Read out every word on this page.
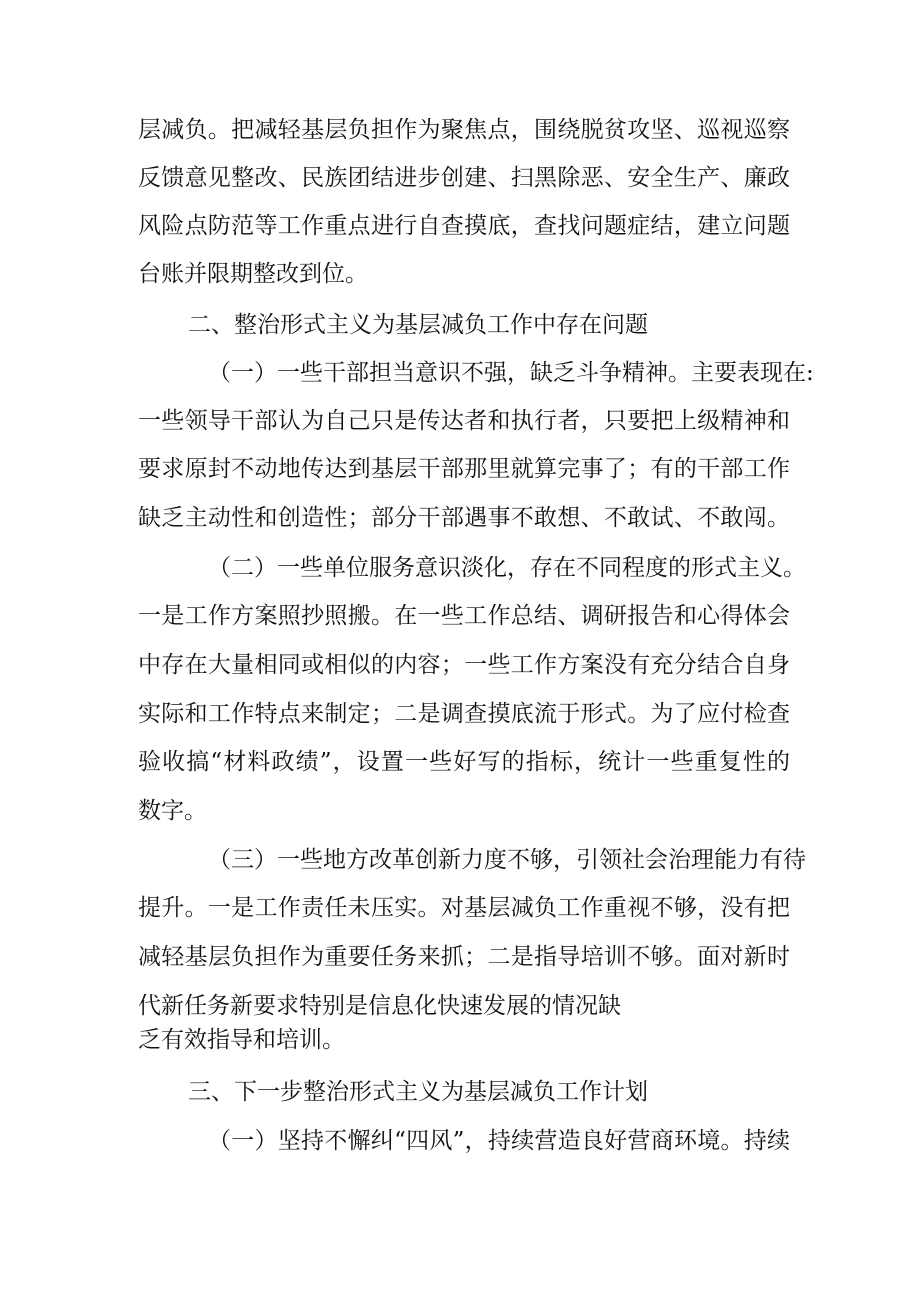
层减负。把减轻基层负担作为聚焦点，围绕脱贫攻坚、巡视巡察
反馈意见整改、民族团结进步创建、扫黑除恶、安全生产、廉政
风险点防范等工作重点进行自查摸底，查找问题症结，建立问题
台账并限期整改到位。
二、整治形式主义为基层减负工作中存在问题
（一）一些干部担当意识不强，缺乏斗争精神。主要表现在:
一些领导干部认为自己只是传达者和执行者，只要把上级精神和
要求原封不动地传达到基层干部那里就算完事了；有的干部工作
缺乏主动性和创造性；部分干部遇事不敢想、不敢试、不敢闯。
（二）一些单位服务意识淡化，存在不同程度的形式主义。
一是工作方案照抄照搬。在一些工作总结、调研报告和心得体会
中存在大量相同或相似的内容；一些工作方案没有充分结合自身
实际和工作特点来制定；二是调查摸底流于形式。为了应付检查
验收搞“材料政绩”，设置一些好写的指标，统计一些重复性的
数字。
（三）一些地方改革创新力度不够，引领社会治理能力有待
提升。一是工作责任未压实。对基层减负工作重视不够，没有把
减轻基层负担作为重要任务来抓；二是指导培训不够。面对新时
代新任务新要求特别是信息化快速发展的情况缺
乏有效指导和培训。
三、下一步整治形式主义为基层减负工作计划
（一）坚持不懈纠“四风”，持续营造良好营商环境。持续
